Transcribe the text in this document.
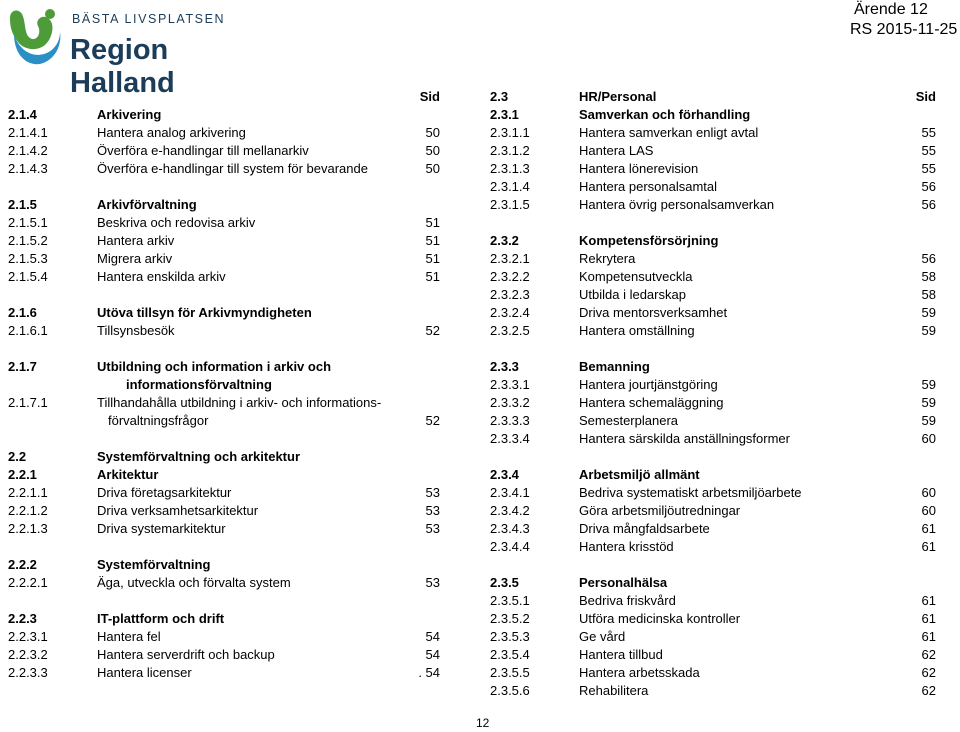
BÄSTA LIVSPLATSEN
Region Halland
Ärende 12
RS 2015-11-25
Sid
2.1.4	Arkivering
2.1.4.1	Hantera analog arkivering	50
2.1.4.2	Överföra e-handlingar till mellanarkiv	50
2.1.4.3	Överföra e-handlingar till system för bevarande	50
2.1.5	Arkivförvaltning
2.1.5.1	Beskriva och redovisa arkiv	51
2.1.5.2	Hantera arkiv	51
2.1.5.3	Migrera arkiv	51
2.1.5.4	Hantera enskilda arkiv	51
2.1.6	Utöva tillsyn för Arkivmyndigheten
2.1.6.1	Tillsynsbesök	52
2.1.7	Utbildning och information i arkiv och
informationsförvaltning
2.1.7.1	Tillhandahålla utbildning i arkiv- och informations-
förvaltningsfrågor	52
2.2	Systemförvaltning och arkitektur
2.2.1	Arkitektur
2.2.1.1	Driva företagsarkitektur	53
2.2.1.2	Driva verksamhetsarkitektur	53
2.2.1.3	Driva systemarkitektur	53
2.2.2	Systemförvaltning
2.2.2.1	Äga, utveckla och förvalta system	53
2.2.3	IT-plattform och drift
2.2.3.1	Hantera fel	54
2.2.3.2	Hantera serverdrift och backup	54
2.2.3.3	Hantera licenser	. 54
2.3	HR/Personal	Sid
2.3.1	Samverkan och förhandling
2.3.1.1	Hantera samverkan enligt avtal	55
2.3.1.2	Hantera LAS	55
2.3.1.3	Hantera lönerevision	55
2.3.1.4	Hantera personalsamtal	56
2.3.1.5	Hantera övrig personalsamverkan	56
2.3.2	Kompetensförsörjning
2.3.2.1	Rekrytera	56
2.3.2.2	Kompetensutveckla	58
2.3.2.3	Utbilda i ledarskap	58
2.3.2.4	Driva mentorsverksamhet	59
2.3.2.5	Hantera omställning	59
2.3.3	Bemanning
2.3.3.1	Hantera jourtjänstgöring	59
2.3.3.2	Hantera schemaläggning	59
2.3.3.3	Semesterplanera	59
2.3.3.4	Hantera särskilda anställningsformer	60
2.3.4	Arbetsmiljö allmänt
2.3.4.1	Bedriva systematiskt arbetsmiljöarbete	60
2.3.4.2	Göra arbetsmiljöutredningar	60
2.3.4.3	Driva mångfaldsarbete	61
2.3.4.4	Hantera krisstöd	61
2.3.5	Personalhälsa
2.3.5.1	Bedriva friskvård	61
2.3.5.2	Utföra medicinska kontroller	61
2.3.5.3	Ge vård	61
2.3.5.4	Hantera tillbud	62
2.3.5.5	Hantera arbetsskada	62
2.3.5.6	Rehabilitera	62
12
